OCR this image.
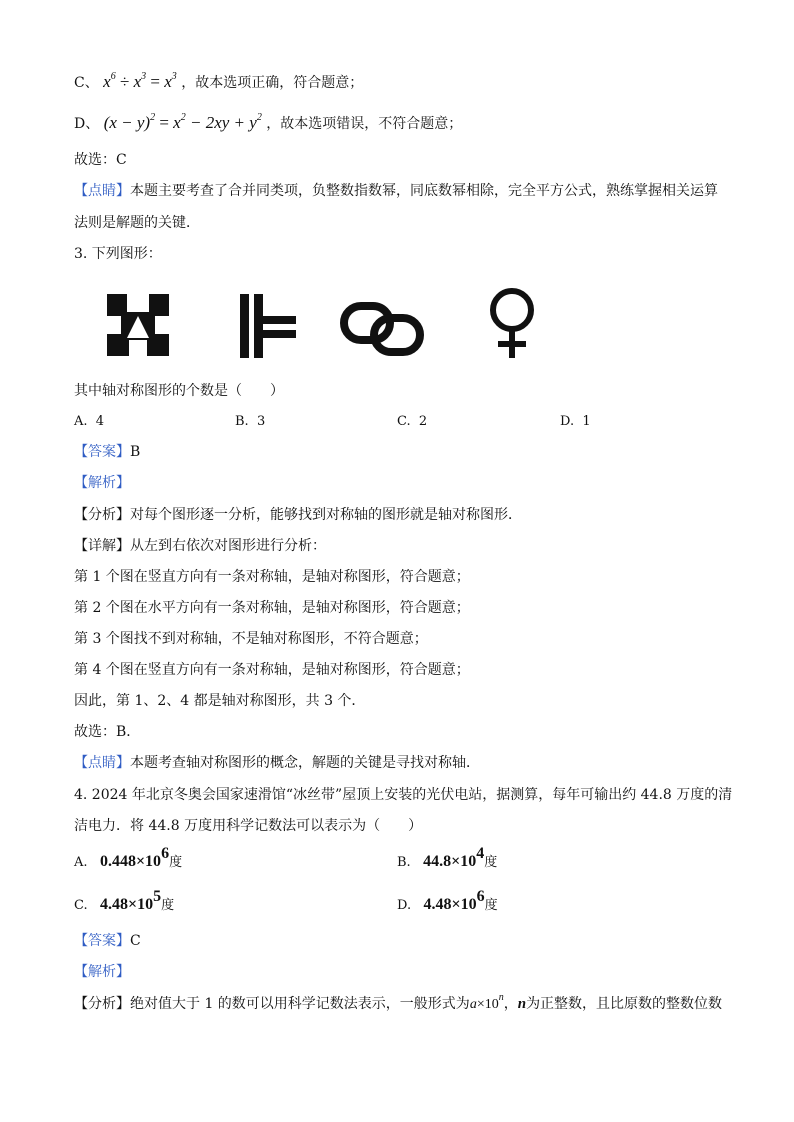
C、 $x^6 \div x^3 = x^3$ ，故本选项正确，符合题意；
D、 $(x - y)^2 = x^2 - 2xy + y^2$ ，故本选项错误，不符合题意；
故选：C
【点睛】本题主要考查了合并同类项，负整数指数幂，同底数幂相除，完全平方公式，熟练掌握相关运算
法则是解题的关键．
3. 下列图形：
其中轴对称图形的个数是（　　）
A. 4	B. 3	C. 2	D. 1
【答案】B
【解析】
【分析】对每个图形逐一分析，能够找到对称轴的图形就是轴对称图形．
【详解】从左到右依次对图形进行分析：
第 1 个图在竖直方向有一条对称轴，是轴对称图形，符合题意；
第 2 个图在水平方向有一条对称轴，是轴对称图形，符合题意；
第 3 个图找不到对称轴，不是轴对称图形，不符合题意；
第 4 个图在竖直方向有一条对称轴，是轴对称图形，符合题意；
因此，第 1、2、4 都是轴对称图形，共 3 个．
故选：B．
【点睛】本题考查轴对称图形的概念，解题的关键是寻找对称轴．
4. 2024 年北京冬奥会国家速滑馆“冰丝带”屋顶上安装的光伏电站，据测算，每年可输出约 44.8 万度的清
洁电力．将 44.8 万度用科学记数法可以表示为（　　）
A. $0.448\times 10^6$度	B. $44.8\times 10^4$度
C. $4.48\times 10^5$度	D. $4.48\times 10^6$度
【答案】C
【解析】
【分析】绝对值大于 1 的数可以用科学记数法表示，一般形式为$a\times 10^n$，n为正整数，且比原数的整数位数
